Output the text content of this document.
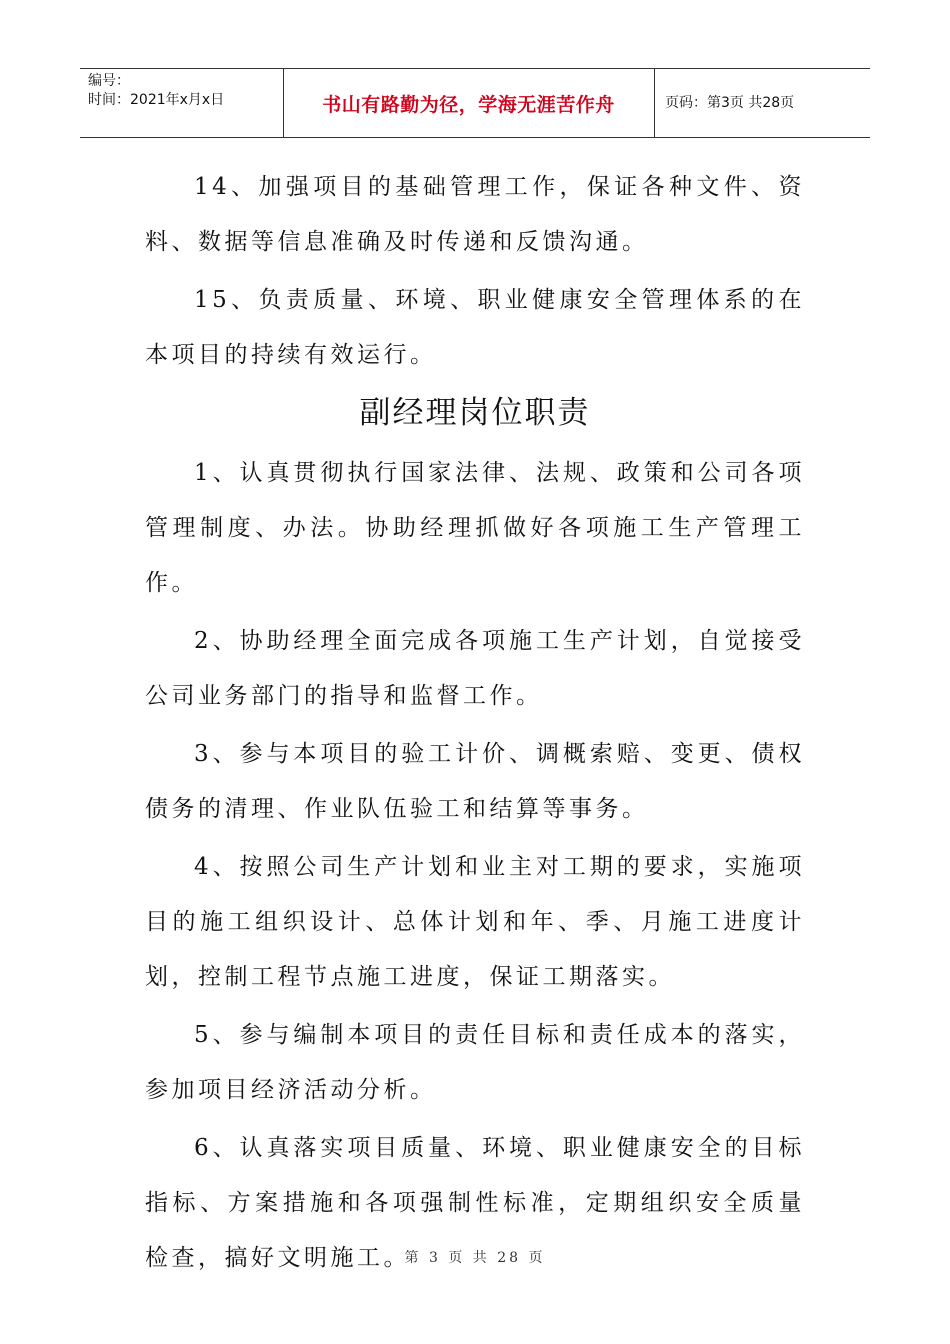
编号：
时间：2021年x月x日	书山有路勤为径，学海无涯苦作舟	页码：第3页 共28页

14、加强项目的基础管理工作，保证各种文件、资料、数据等信息准确及时传递和反馈沟通。

15、负责质量、环境、职业健康安全管理体系的在本项目的持续有效运行。

副经理岗位职责

1、认真贯彻执行国家法律、法规、政策和公司各项管理制度、办法。协助经理抓做好各项施工生产管理工作。

2、协助经理全面完成各项施工生产计划，自觉接受公司业务部门的指导和监督工作。

3、参与本项目的验工计价、调概索赔、变更、债权债务的清理、作业队伍验工和结算等事务。

4、按照公司生产计划和业主对工期的要求，实施项目的施工组织设计、总体计划和年、季、月施工进度计划，控制工程节点施工进度，保证工期落实。

5、参与编制本项目的责任目标和责任成本的落实，参加项目经济活动分析。

6、认真落实项目质量、环境、职业健康安全的目标指标、方案措施和各项强制性标准，定期组织安全质量检查，搞好文明施工。

第 3 页 共 28 页
